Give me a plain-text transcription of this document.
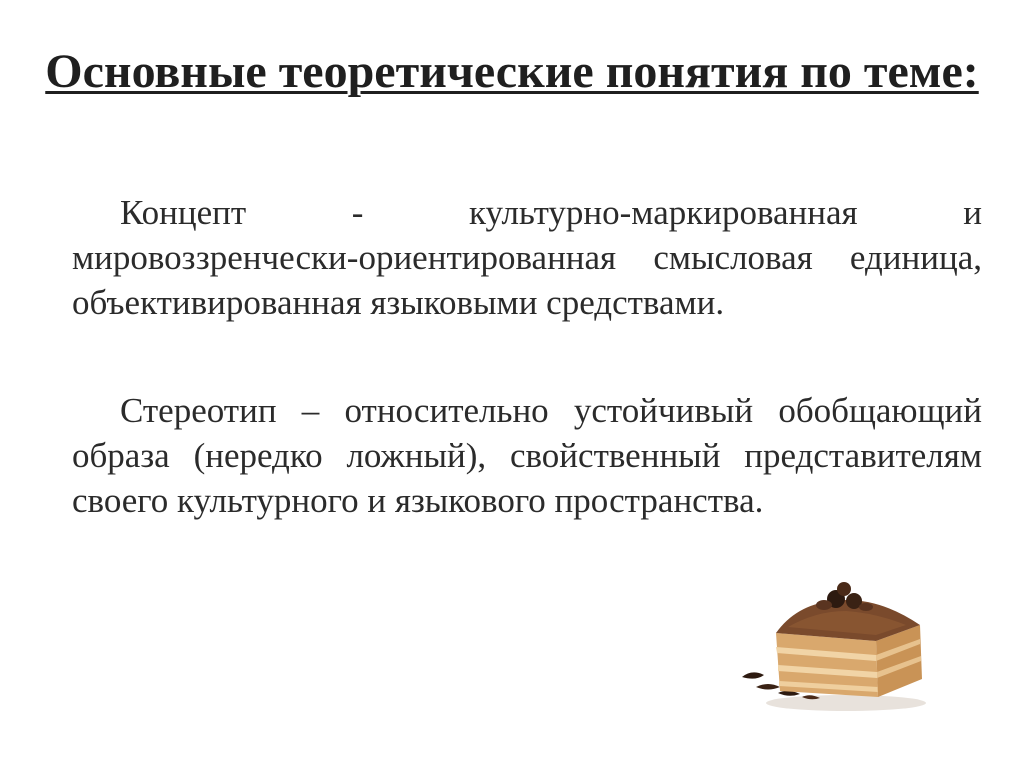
Основные теоретические понятия по теме:
Концепт - культурно-маркированная и мировоззренчески-ориентированная смысловая единица, объективированная языковыми средствами.
Стереотип – относительно устойчивый обобщающий образа (нередко ложный), свойственный представителям своего культурного и языкового пространства.
